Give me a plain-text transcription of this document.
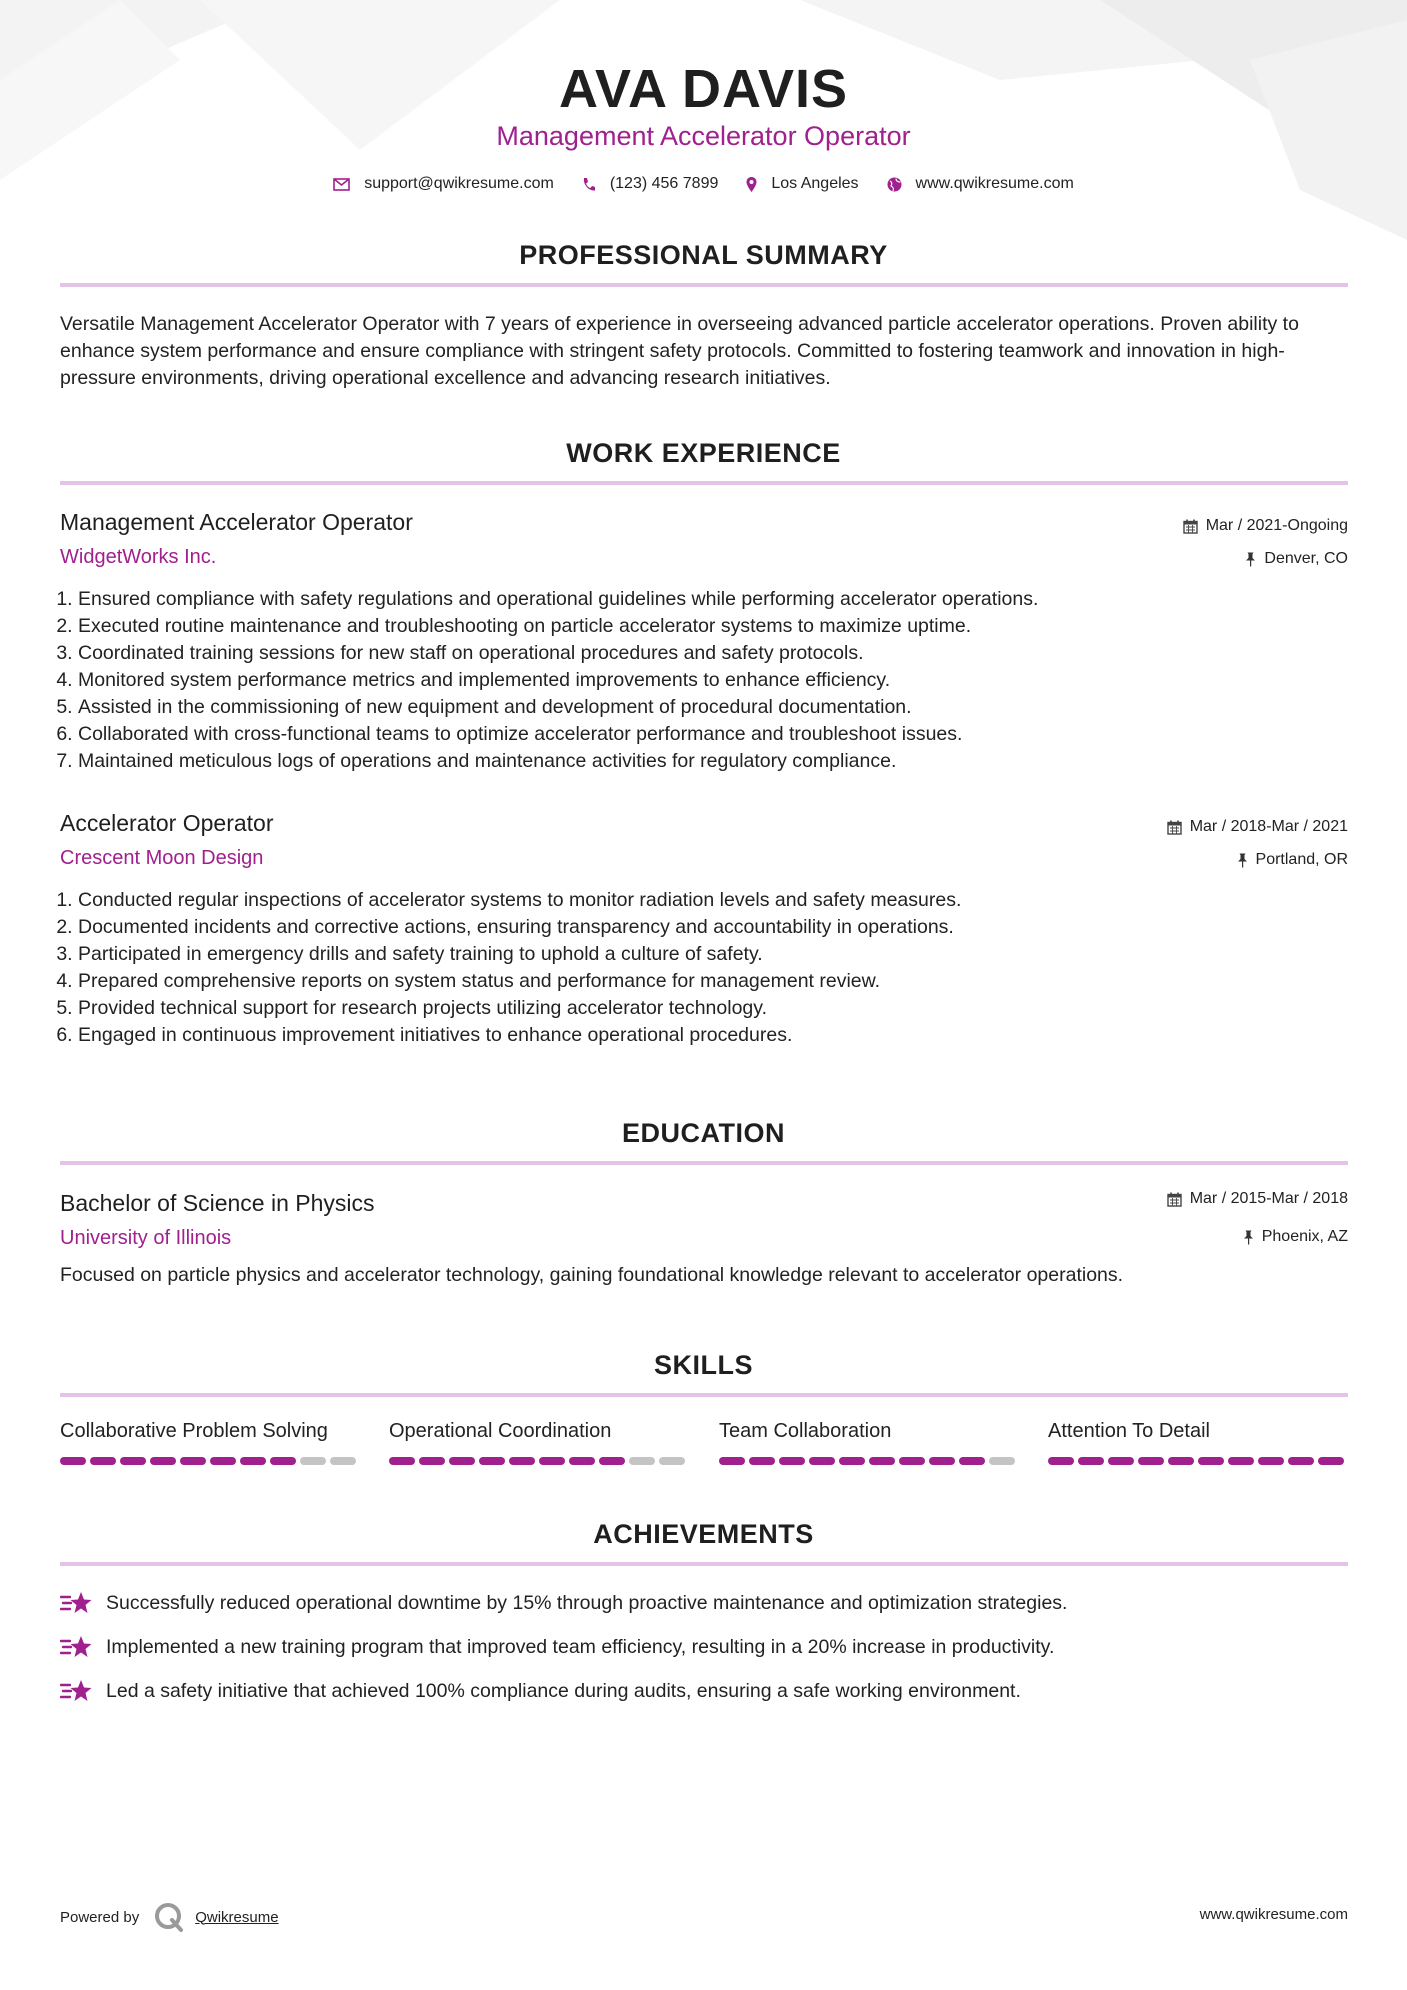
AVA DAVIS
Management Accelerator Operator
support@qwikresume.com	(123) 456 7899	Los Angeles	www.qwikresume.com
PROFESSIONAL SUMMARY
Versatile Management Accelerator Operator with 7 years of experience in overseeing advanced particle accelerator operations. Proven ability to enhance system performance and ensure compliance with stringent safety protocols. Committed to fostering teamwork and innovation in high-pressure environments, driving operational excellence and advancing research initiatives.
WORK EXPERIENCE
Management Accelerator Operator	Mar / 2021-Ongoing
WidgetWorks Inc.	Denver, CO
1. Ensured compliance with safety regulations and operational guidelines while performing accelerator operations.
2. Executed routine maintenance and troubleshooting on particle accelerator systems to maximize uptime.
3. Coordinated training sessions for new staff on operational procedures and safety protocols.
4. Monitored system performance metrics and implemented improvements to enhance efficiency.
5. Assisted in the commissioning of new equipment and development of procedural documentation.
6. Collaborated with cross-functional teams to optimize accelerator performance and troubleshoot issues.
7. Maintained meticulous logs of operations and maintenance activities for regulatory compliance.
Accelerator Operator	Mar / 2018-Mar / 2021
Crescent Moon Design	Portland, OR
1. Conducted regular inspections of accelerator systems to monitor radiation levels and safety measures.
2. Documented incidents and corrective actions, ensuring transparency and accountability in operations.
3. Participated in emergency drills and safety training to uphold a culture of safety.
4. Prepared comprehensive reports on system status and performance for management review.
5. Provided technical support for research projects utilizing accelerator technology.
6. Engaged in continuous improvement initiatives to enhance operational procedures.
EDUCATION
Bachelor of Science in Physics	Mar / 2015-Mar / 2018
University of Illinois	Phoenix, AZ
Focused on particle physics and accelerator technology, gaining foundational knowledge relevant to accelerator operations.
SKILLS
Collaborative Problem Solving	Operational Coordination	Team Collaboration	Attention To Detail
ACHIEVEMENTS
Successfully reduced operational downtime by 15% through proactive maintenance and optimization strategies.
Implemented a new training program that improved team efficiency, resulting in a 20% increase in productivity.
Led a safety initiative that achieved 100% compliance during audits, ensuring a safe working environment.
Powered by	Qwikresume	www.qwikresume.com
